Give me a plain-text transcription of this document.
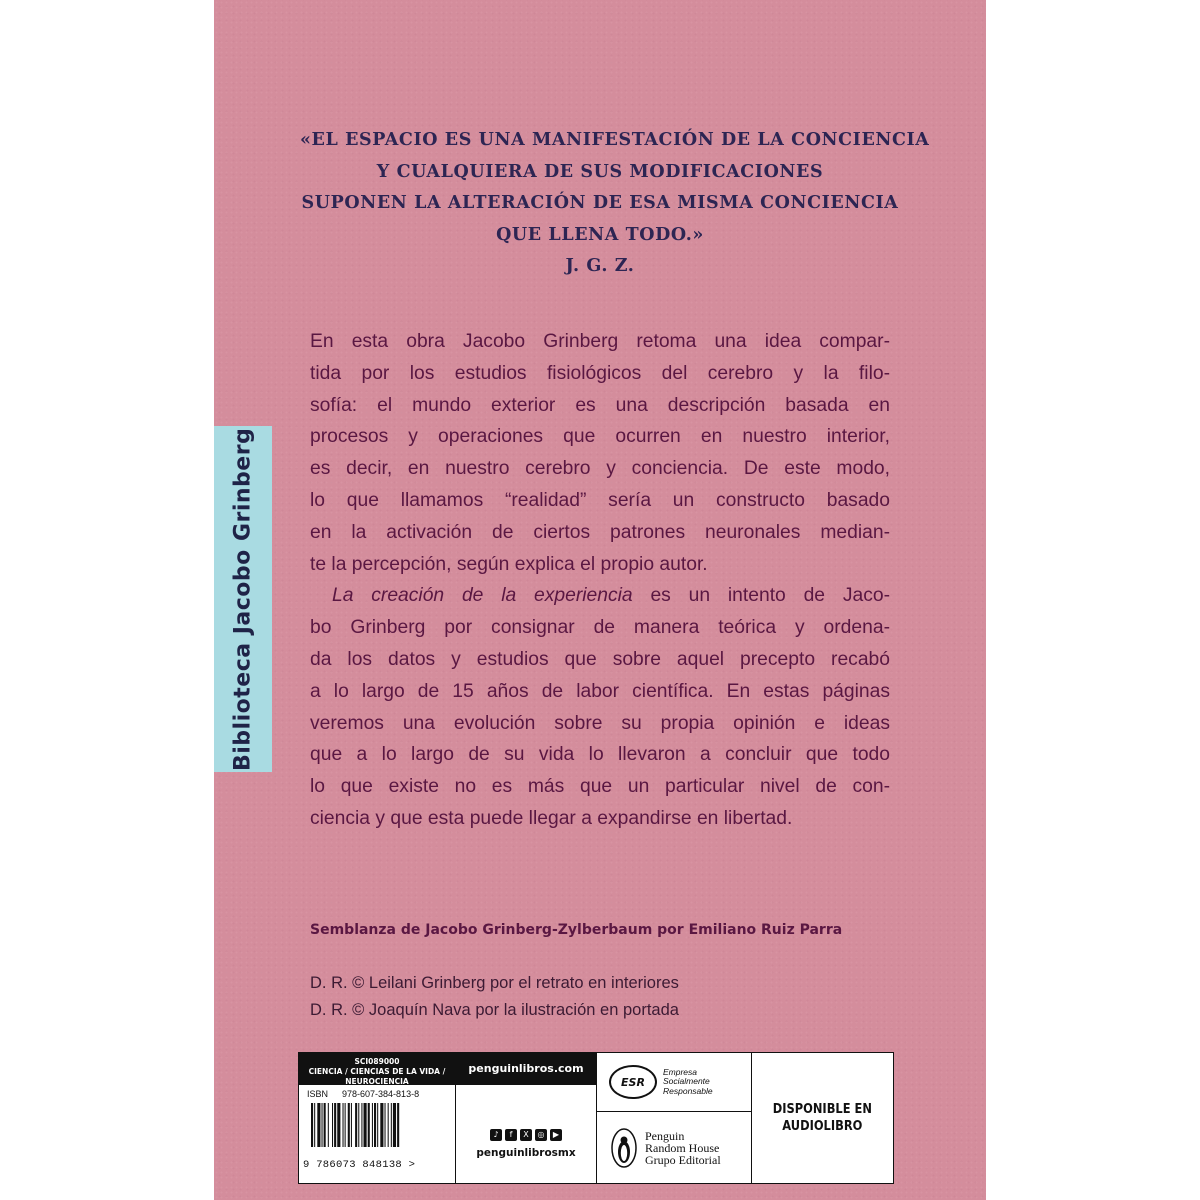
Biblioteca Jacobo Grinberg
«EL ESPACIO ES UNA MANIFESTACIÓN DE LA CONCIENCIA
Y CUALQUIERA DE SUS MODIFICACIONES
SUPONEN LA ALTERACIÓN DE ESA MISMA CONCIENCIA
QUE LLENA TODO.»
J. G. Z.
En esta obra Jacobo Grinberg retoma una idea compar-
tida por los estudios fisiológicos del cerebro y la filo-
sofía: el mundo exterior es una descripción basada en
procesos y operaciones que ocurren en nuestro interior,
es decir, en nuestro cerebro y conciencia. De este modo,
lo que llamamos “realidad” sería un constructo basado
en la activación de ciertos patrones neuronales median-
te la percepción, según explica el propio autor.
La creación de la experiencia es un intento de Jaco-
bo Grinberg por consignar de manera teórica y ordena-
da los datos y estudios que sobre aquel precepto recabó
a lo largo de 15 años de labor científica. En estas páginas
veremos una evolución sobre su propia opinión e ideas
que a lo largo de su vida lo llevaron a concluir que todo
lo que existe no es más que un particular nivel de con-
ciencia y que esta puede llegar a expandirse en libertad.
Semblanza de Jacobo Grinberg-Zylberbaum por Emiliano Ruiz Parra
D. R. © Leilani Grinberg por el retrato en interiores
D. R. © Joaquín Nava por la ilustración en portada
SCI089000
CIENCIA / CIENCIAS DE LA VIDA /
NEUROCIENCIA
ISBN 978-607-384-813-8
9 786073 848138 >
penguinlibros.com
♪	f	X	◎	▶
penguinlibrosmx
ESR
Empresa
Socialmente
Responsable
Penguin
Random House
Grupo Editorial
DISPONIBLE EN
AUDIOLIBRO
